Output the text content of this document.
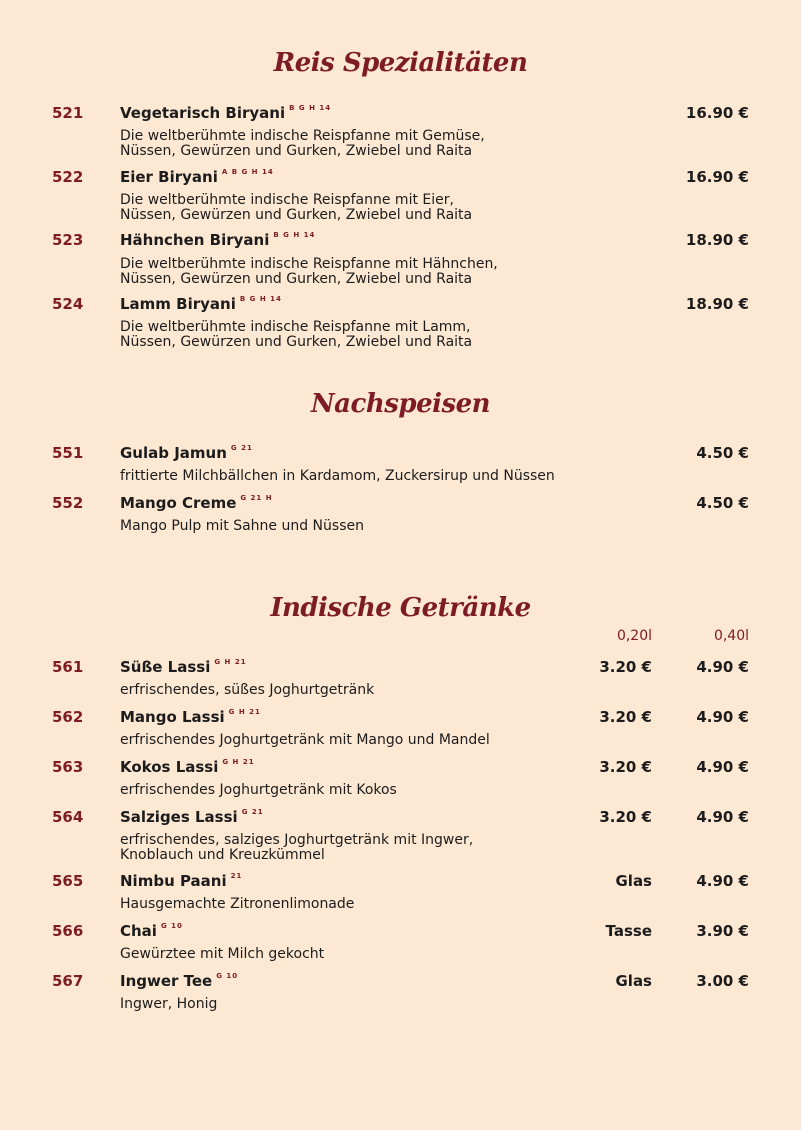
Reis Spezialitäten
521 Vegetarisch Biryani $^{B G H 14}$	16.90 €
Die weltberühmte indische Reispfanne mit Gemüse,
Nüssen, Gewürzen und Gurken, Zwiebel und Raita
522 Eier Biryani $^{A B G H 14}$	16.90 €
Die weltberühmte indische Reispfanne mit Eier,
Nüssen, Gewürzen und Gurken, Zwiebel und Raita
523 Hähnchen Biryani $^{B G H 14}$	18.90 €
Die weltberühmte indische Reispfanne mit Hähnchen,
Nüssen, Gewürzen und Gurken, Zwiebel und Raita
524 Lamm Biryani $^{B G H 14}$	18.90 €
Die weltberühmte indische Reispfanne mit Lamm,
Nüssen, Gewürzen und Gurken, Zwiebel und Raita
Nachspeisen
551 Gulab Jamun $^{G 21}$	4.50 €
frittierte Milchbällchen in Kardamom, Zuckersirup und Nüssen
552 Mango Creme $^{G 21 H}$	4.50 €
Mango Pulp mit Sahne und Nüssen
Indische Getränke
0,20l	0,40l
561 Süße Lassi $^{G H 21}$	3.20 €	4.90 €
erfrischendes, süßes Joghurtgetränk
562 Mango Lassi $^{G H 21}$	3.20 €	4.90 €
erfrischendes Joghurtgetränk mit Mango und Mandel
563 Kokos Lassi $^{G H 21}$	3.20 €	4.90 €
erfrischendes Joghurtgetränk mit Kokos
564 Salziges Lassi $^{G 21}$	3.20 €	4.90 €
erfrischendes, salziges Joghurtgetränk mit Ingwer,
Knoblauch und Kreuzkümmel
565 Nimbu Paani $^{21}$	Glas	4.90 €
Hausgemachte Zitronenlimonade
566 Chai $^{G 10}$	Tasse	3.90 €
Gewürztee mit Milch gekocht
567 Ingwer Tee $^{G 10}$	Glas	3.00 €
Ingwer, Honig
